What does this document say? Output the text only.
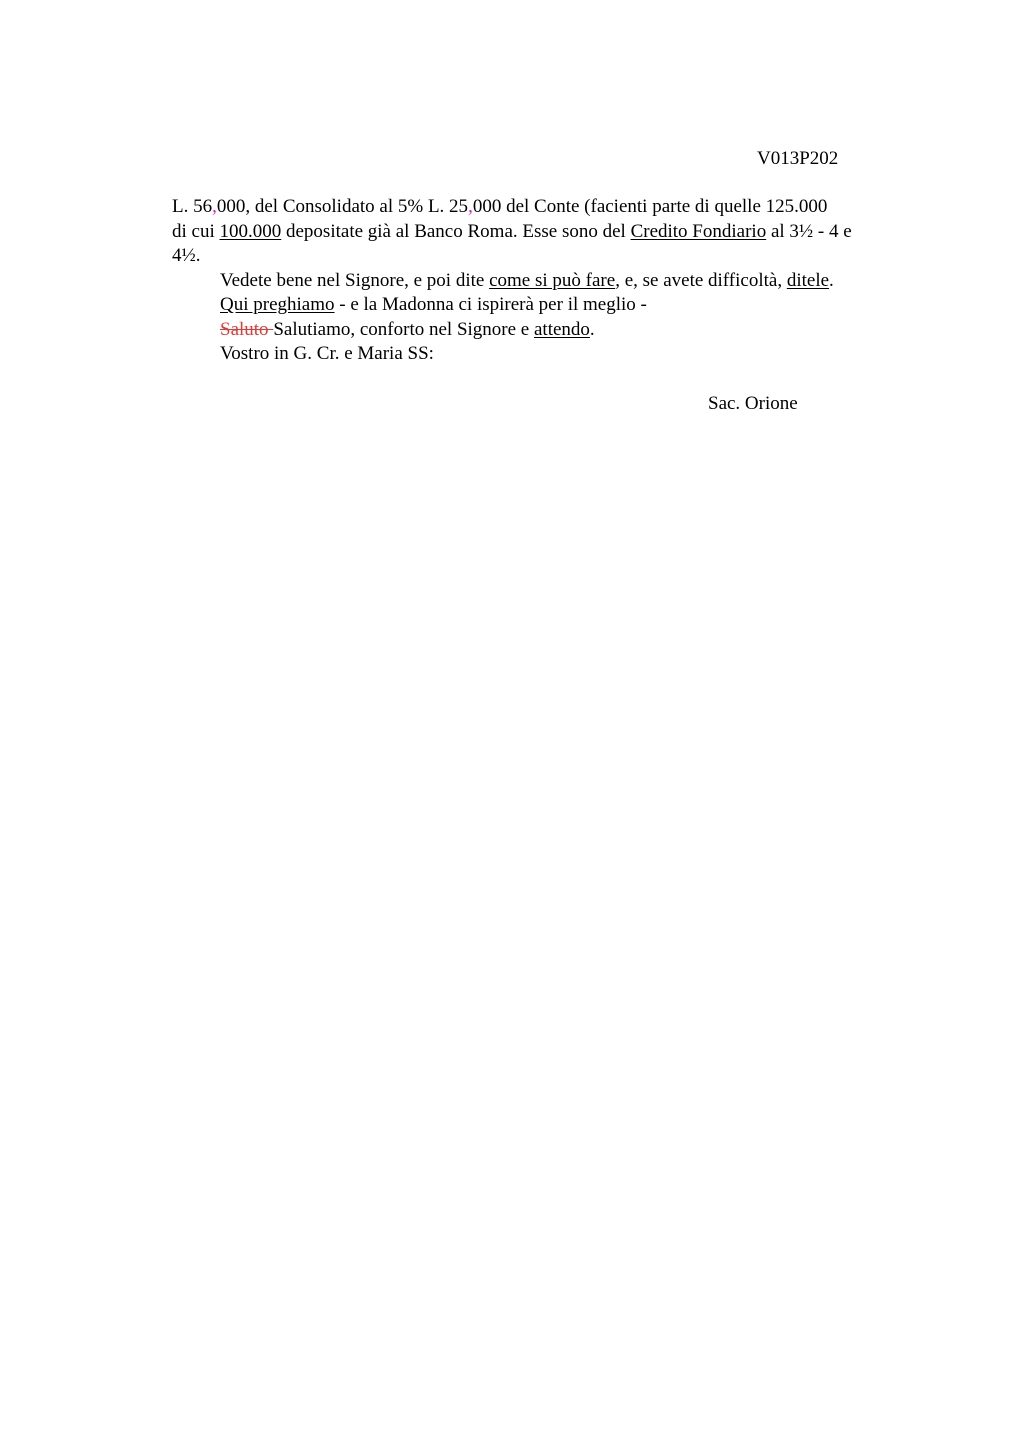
V013P202
L. 56,000, del Consolidato al 5% L. 25,000 del Conte (facienti parte di quelle 125.000
di cui 100.000 depositate già al Banco Roma. Esse sono del Credito Fondiario al 3½ - 4 e
4½.
Vedete bene nel Signore, e poi dite come si può fare, e, se avete difficoltà, ditele.
Qui preghiamo - e la Madonna ci ispirerà per il meglio -
Saluto Salutiamo, conforto nel Signore e attendo.
Vostro in G. Cr. e Maria SS:
Sac. Orione
